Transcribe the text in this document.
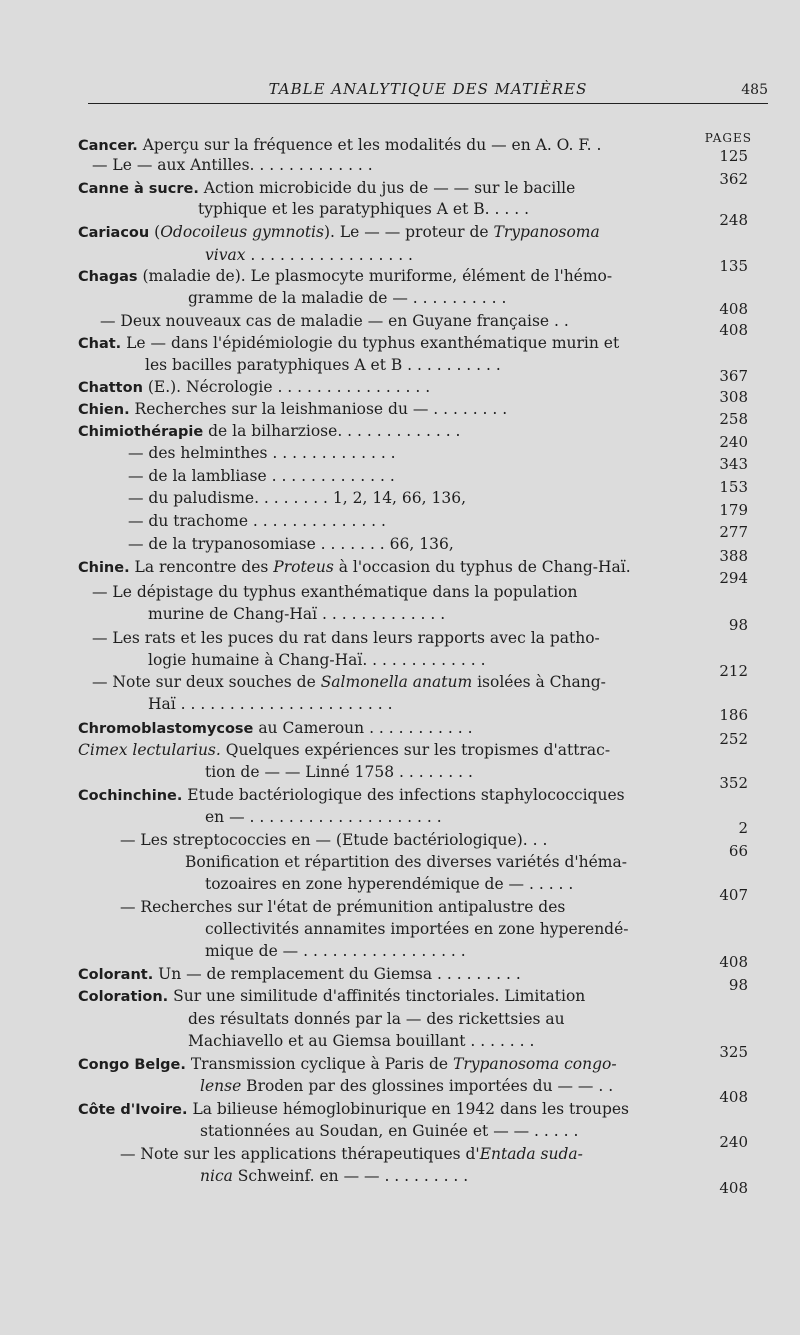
TABLE ANALYTIQUE DES MATIÈRES	485
PAGES
Cancer. Aperçu sur la fréquence et les modalités du — en A. O. F. .
125
— Le — aux Antilles. . . . . . . . . . . . .
362
Canne à sucre. Action microbicide du jus de — — sur le bacille
typhique et les paratyphiques A et B. . . . .
248
Cariacou (Odocoileus gymnotis). Le — — proteur de Trypanosoma
vivax . . . . . . . . . . . . . . . . .
135
Chagas (maladie de). Le plasmocyte muriforme, élément de l'hémo-
gramme de la maladie de — . . . . . . . . . .
408
— Deux nouveaux cas de maladie — en Guyane française . .	408
Chat. Le — dans l'épidémiologie du typhus exanthématique murin et
les bacilles paratyphiques A et B . . . . . . . . . .
367
Chatton (E.). Nécrologie . . . . . . . . . . . . . . . .
308
Chien. Recherches sur la leishmaniose du — . . . . . . . .
258
Chimiothérapie de la bilharziose. . . . . . . . . . . . .
240
— des helminthes . . . . . . . . . . . . .
343
— de la lambliase . . . . . . . . . . . . .
153
— du paludisme. . . . . . . . 1, 2, 14, 66, 136,
179
— du trachome . . . . . . . . . . . . . .
277
— de la trypanosomiase . . . . . . . 66, 136,
388
Chine. La rencontre des Proteus à l'occasion du typhus de Chang-Haï.
294
— Le dépistage du typhus exanthématique dans la population
murine de Chang-Haï . . . . . . . . . . . . .
98
— Les rats et les puces du rat dans leurs rapports avec la patho-
logie humaine à Chang-Haï. . . . . . . . . . . . .
212
— Note sur deux souches de Salmonella anatum isolées à Chang-
Haï . . . . . . . . . . . . . . . . . . . . . .
186
Chromoblastomycose au Cameroun . . . . . . . . . . .
252
Cimex lectularius. Quelques expériences sur les tropismes d'attrac-
tion de — — Linné 1758 . . . . . . . .
352
Cochinchine. Etude bactériologique des infections staphylococciques
en — . . . . . . . . . . . . . . . . . . . .
2
— Les streptococcies en — (Etude bactériologique). . .
66
Bonification et répartition des diverses variétés d'héma-
tozoaires en zone hyperendémique de — . . . . .
407
— Recherches sur l'état de prémunition antipalustre des
collectivités annamites importées en zone hyperendé-
mique de — . . . . . . . . . . . . . . . . .
408
Colorant. Un — de remplacement du Giemsa . . . . . . . . .
98
Coloration. Sur une similitude d'affinités tinctoriales. Limitation
des résultats donnés par la — des rickettsies au
Machiavello et au Giemsa bouillant . . . . . . .
325
Congo Belge. Transmission cyclique à Paris de Trypanosoma congo-
lense Broden par des glossines importées du — — . .
408
Côte d'Ivoire. La bilieuse hémoglobinurique en 1942 dans les troupes
stationnées au Soudan, en Guinée et — — . . . . .
240
— Note sur les applications thérapeutiques d'Entada suda-
nica Schweinf. en — — . . . . . . . . .
408
